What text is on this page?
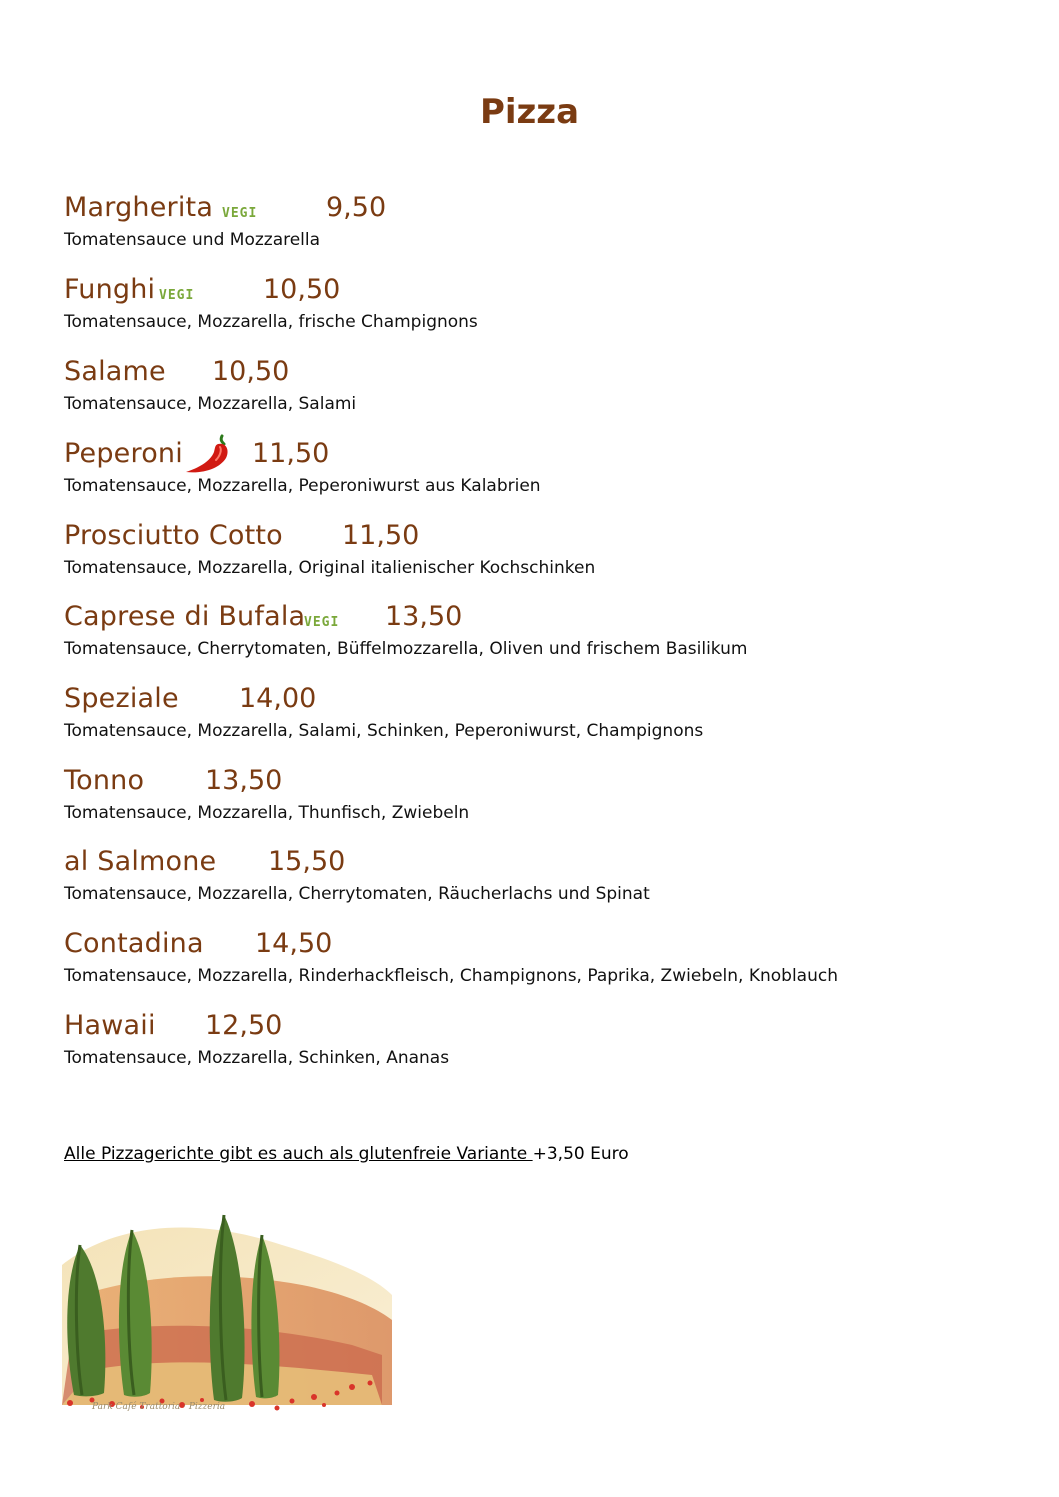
Pizza
Margherita VEGI	9,50
Tomatensauce und Mozzarella
Funghi VEGI	10,50
Tomatensauce, Mozzarella, frische Champignons
Salame 10,50
Tomatensauce, Mozzarella, Salami
Peperoni	11,50
Tomatensauce, Mozzarella, Peperoniwurst aus Kalabrien
Prosciutto Cotto 11,50
Tomatensauce, Mozzarella, Original italienischer Kochschinken
Caprese di Bufala
VEGI 13,50
Tomatensauce, Cherrytomaten, Büffelmozzarella, Oliven und frischem Basilikum
Speziale 14,00
Tomatensauce, Mozzarella, Salami, Schinken, Peperoniwurst, Champignons
Tonno 13,50
Tomatensauce, Mozzarella, Thunfisch, Zwiebeln
al Salmone 15,50
Tomatensauce, Mozzarella, Cherrytomaten, Räucherlachs und Spinat
Contadina 14,50
Tomatensauce, Mozzarella, Rinderhackfleisch, Champignons, Paprika, Zwiebeln, Knoblauch
Hawaii 12,50
Tomatensauce, Mozzarella, Schinken, Ananas
Alle Pizzagerichte gibt es auch als glutenfreie Variante +3,50 Euro
Park Café Trattoria · Pizzeria
